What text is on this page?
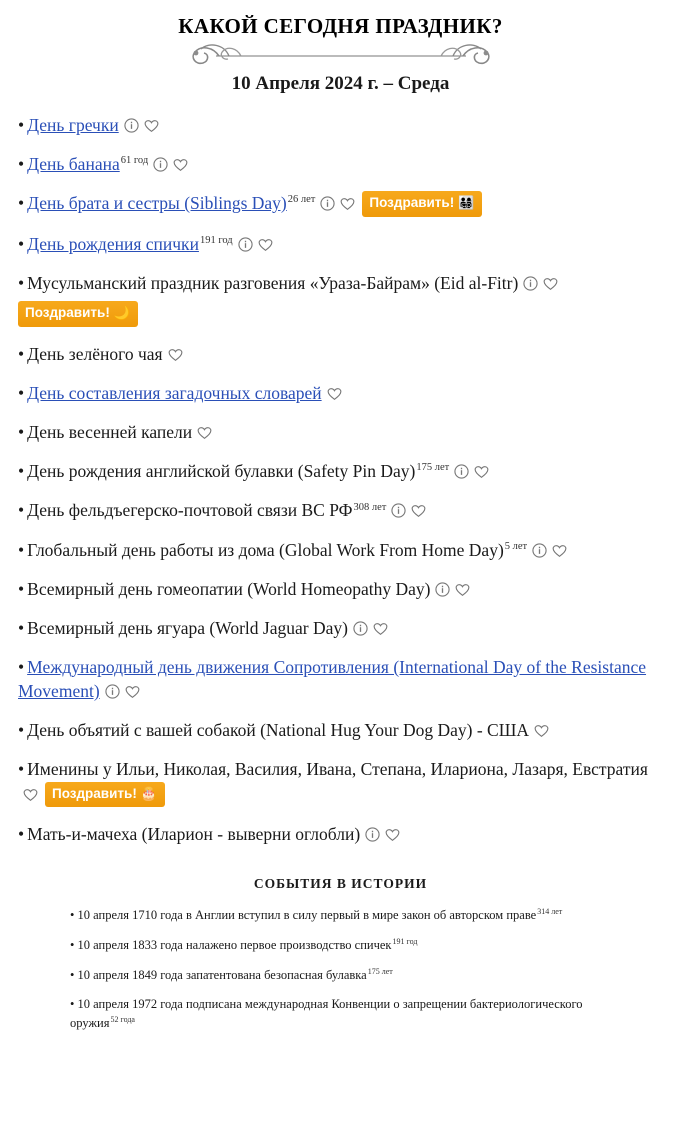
КАКОЙ СЕГОДНЯ ПРАЗДНИК?
10 Апреля 2024 г. – Среда
• День гречки
• День банана$^{61 год}$
• День брата и сестры (Siblings Day)$^{26 лет}$	Поздравить! 👨‍👩‍👧‍👦
• День рождения спички$^{191 год}$
• Мусульманский праздник разговения «Ураза-Байрам» (Eid al-Fitr)

Поздравить! 🌙
• День зелёного чая
• День составления загадочных словарей
• День весенней капели
• День рождения английской булавки (Safety Pin Day)$^{175 лет}$
• День фельдъегерско-почтовой связи ВС $РФ^{308 лет}$
• Глобальный день работы из дома (Global Work From Home Day)$^{5 лет}$
• Всемирный день гомеопатии (World Homeopathy Day)
• Всемирный день ягуара (World Jaguar Day)
• Международный день движения Сопротивления (International Day of the Resistance Movement)
• День объятий с вашей собакой (National Hug Your Dog Day) - США
• Именины у Ильи, Николая, Василия, Ивана, Степана, Илариона, Лазаря, Евстратия
Поздравить! 🎂
• Мать-и-мачеха (Иларион - выверни оглобли)
СОБЫТИЯ В ИСТОРИИ
• 10 апреля 1710 года в Англии вступил в силу первый в мире закон об авторском праве$^{314 лет}$
• 10 апреля 1833 года налажено первое производство спичек$^{191 год}$
• 10 апреля 1849 года запатентована безопасная булавка$^{175 лет}$
• 10 апреля 1972 года подписана международная Конвенции о запрещении бактериологического оружия$^{52 года}$
